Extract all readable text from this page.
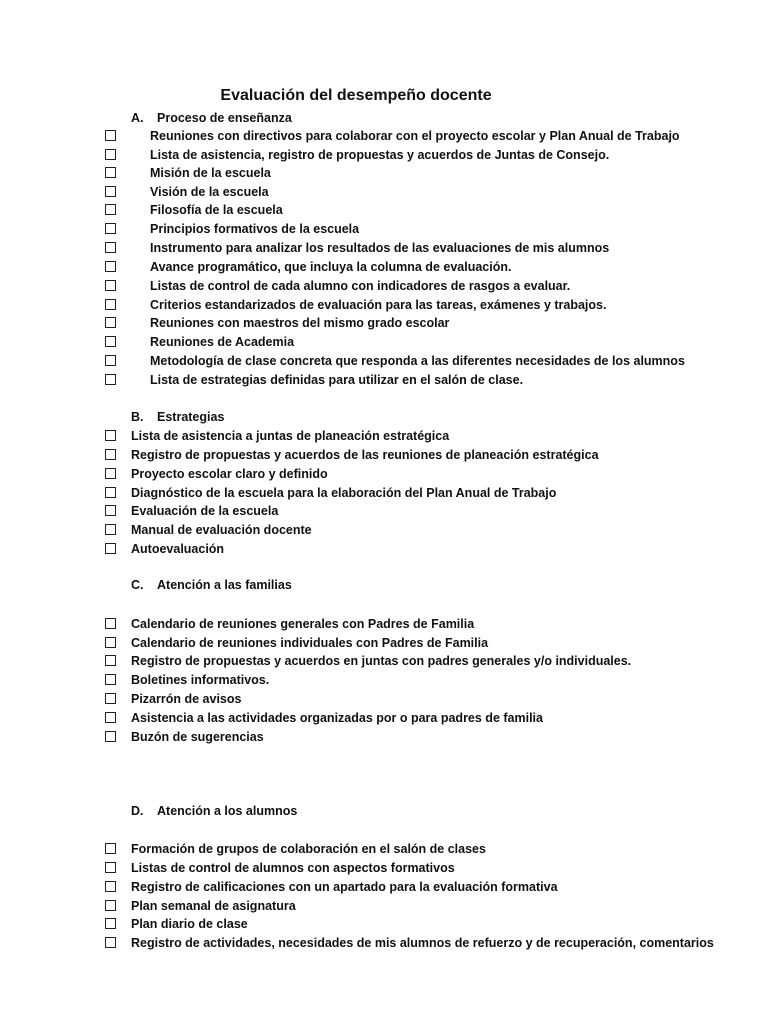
Evaluación del desempeño docente
A. Proceso de enseñanza
Reuniones con directivos para colaborar con el proyecto escolar y Plan Anual de Trabajo
Lista de asistencia, registro de propuestas y acuerdos de Juntas de Consejo.
Misión de la escuela
Visión de la escuela
Filosofía de la escuela
Principios formativos de la escuela
Instrumento para analizar los resultados de las evaluaciones de mis alumnos
Avance programático, que incluya la columna de evaluación.
Listas de control de cada alumno con indicadores de rasgos a evaluar.
Criterios estandarizados de evaluación para las tareas, exámenes y trabajos.
Reuniones con maestros del mismo grado escolar
Reuniones de Academia
Metodología de clase concreta que responda a las diferentes necesidades de los alumnos
Lista de estrategias definidas para utilizar en el salón de clase.
B. Estrategias
Lista de asistencia a juntas de planeación estratégica
Registro de propuestas y acuerdos de las reuniones de planeación estratégica
Proyecto escolar claro y definido
Diagnóstico de la escuela para la elaboración del Plan Anual de Trabajo
Evaluación de la escuela
Manual de evaluación docente
Autoevaluación
C. Atención a las familias
Calendario de reuniones generales con Padres de Familia
Calendario de reuniones individuales con Padres de Familia
Registro de propuestas y acuerdos en juntas con padres generales y/o individuales.
Boletines informativos.
Pizarrón de avisos
Asistencia a las actividades organizadas por o para padres de familia
Buzón de sugerencias
D. Atención a los alumnos
Formación de grupos de colaboración en el salón de clases
Listas de control de alumnos con aspectos formativos
Registro de calificaciones con un apartado para la evaluación formativa
Plan semanal de asignatura
Plan diario de clase
Registro de actividades, necesidades de mis alumnos de refuerzo y de recuperación, comentarios
